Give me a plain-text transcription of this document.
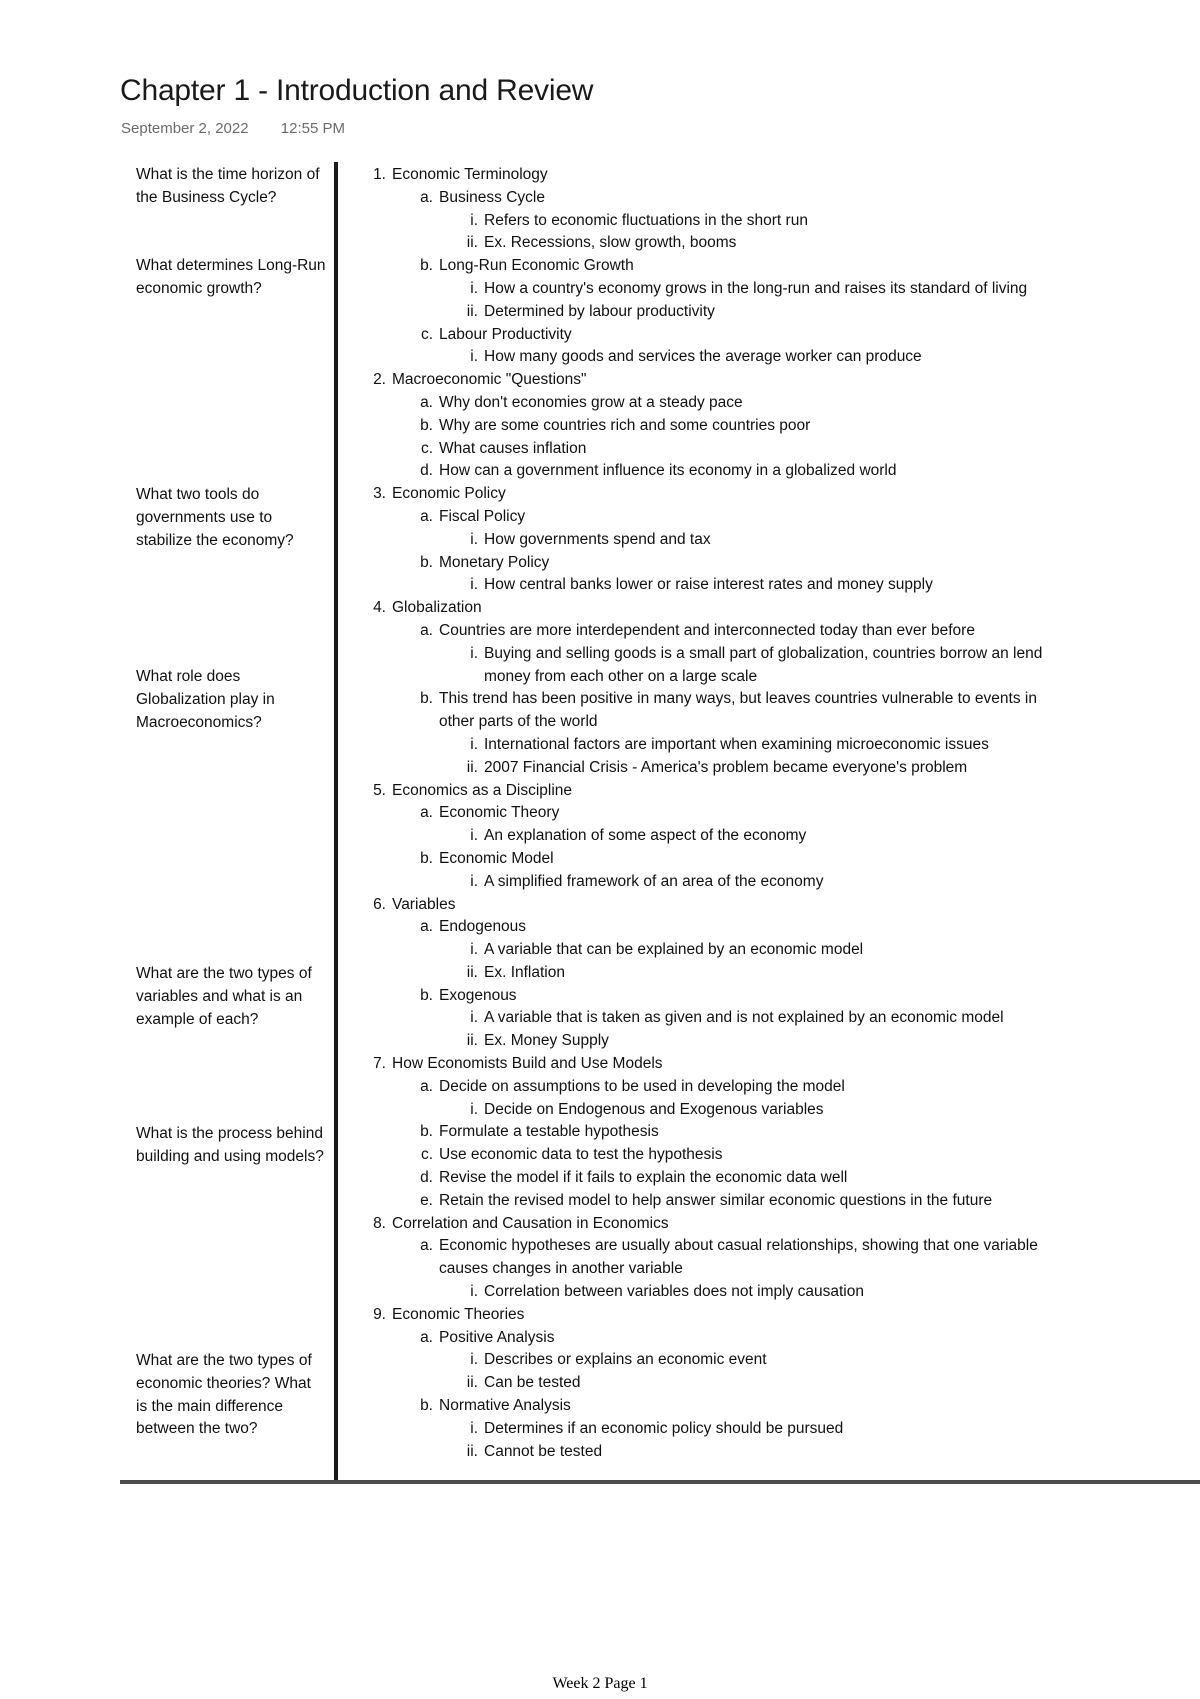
Chapter 1 - Introduction and Review
September 2, 2022 12:55 PM
What is the time horizon of the Business Cycle?
What determines Long-Run economic growth?
What two tools do governments use to stabilize the economy?
What role does Globalization play in Macroeconomics?
What are the two types of variables and what is an example of each?
What is the process behind building and using models?
What are the two types of economic theories? What is the main difference between the two?
1. Economic Terminology
a. Business Cycle
i. Refers to economic fluctuations in the short run
ii. Ex. Recessions, slow growth, booms
b. Long-Run Economic Growth
i. How a country's economy grows in the long-run and raises its standard of living
ii. Determined by labour productivity
c. Labour Productivity
i. How many goods and services the average worker can produce
2. Macroeconomic "Questions"
a. Why don't economies grow at a steady pace
b. Why are some countries rich and some countries poor
c. What causes inflation
d. How can a government influence its economy in a globalized world
3. Economic Policy
a. Fiscal Policy
i. How governments spend and tax
b. Monetary Policy
i. How central banks lower or raise interest rates and money supply
4. Globalization
a. Countries are more interdependent and interconnected today than ever before
i. Buying and selling goods is a small part of globalization, countries borrow an lend
money from each other on a large scale
b. This trend has been positive in many ways, but leaves countries vulnerable to events in
other parts of the world
i. International factors are important when examining microeconomic issues
ii. 2007 Financial Crisis - America's problem became everyone's problem
5. Economics as a Discipline
a. Economic Theory
i. An explanation of some aspect of the economy
b. Economic Model
i. A simplified framework of an area of the economy
6. Variables
a. Endogenous
i. A variable that can be explained by an economic model
ii. Ex. Inflation
b. Exogenous
i. A variable that is taken as given and is not explained by an economic model
ii. Ex. Money Supply
7. How Economists Build and Use Models
a. Decide on assumptions to be used in developing the model
i. Decide on Endogenous and Exogenous variables
b. Formulate a testable hypothesis
c. Use economic data to test the hypothesis
d. Revise the model if it fails to explain the economic data well
e. Retain the revised model to help answer similar economic questions in the future
8. Correlation and Causation in Economics
a. Economic hypotheses are usually about casual relationships, showing that one variable
causes changes in another variable
i. Correlation between variables does not imply causation
9. Economic Theories
a. Positive Analysis
i. Describes or explains an economic event
ii. Can be tested
b. Normative Analysis
i. Determines if an economic policy should be pursued
ii. Cannot be tested
Week 2 Page 1
